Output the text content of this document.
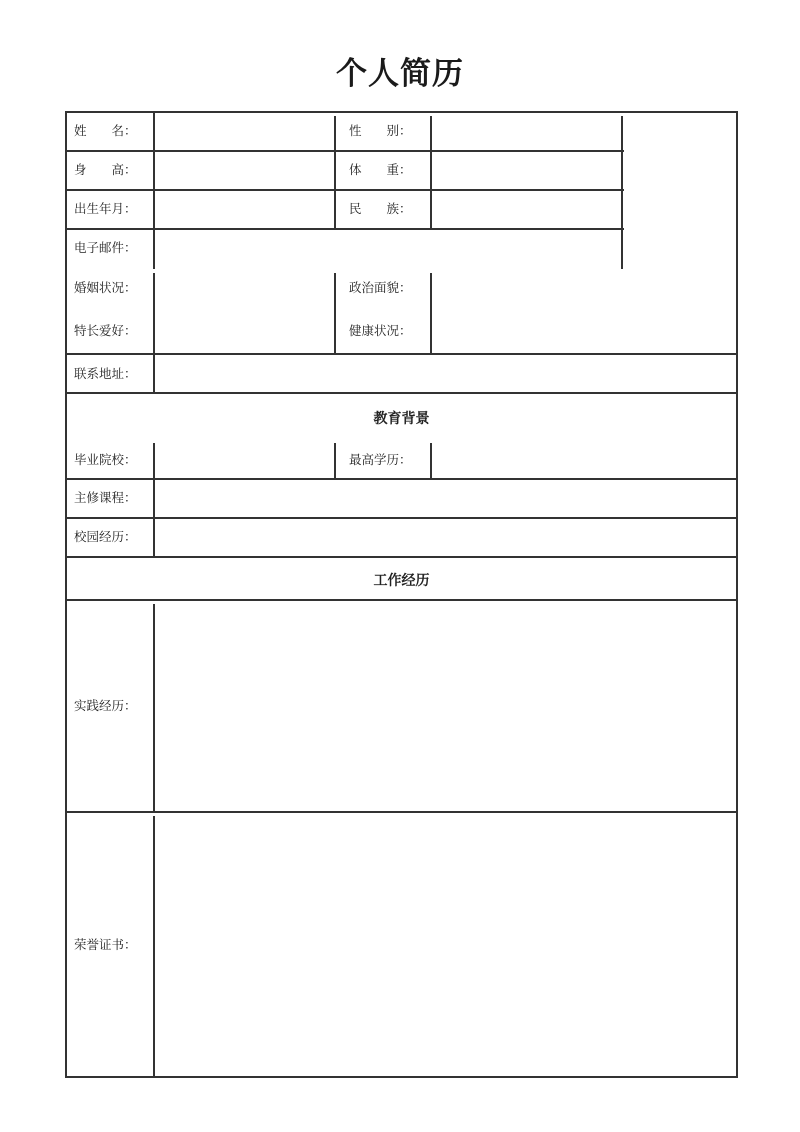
个人简历
姓　　名：	性　　别：
身　　高：	体　　重：
出生年月：	民　　族：
电子邮件：
婚姻状况：	政治面貌：
特长爱好：	健康状况：
联系地址：
教育背景
毕业院校：	最高学历：
主修课程：
校园经历：
工作经历
实践经历：
荣誉证书：
